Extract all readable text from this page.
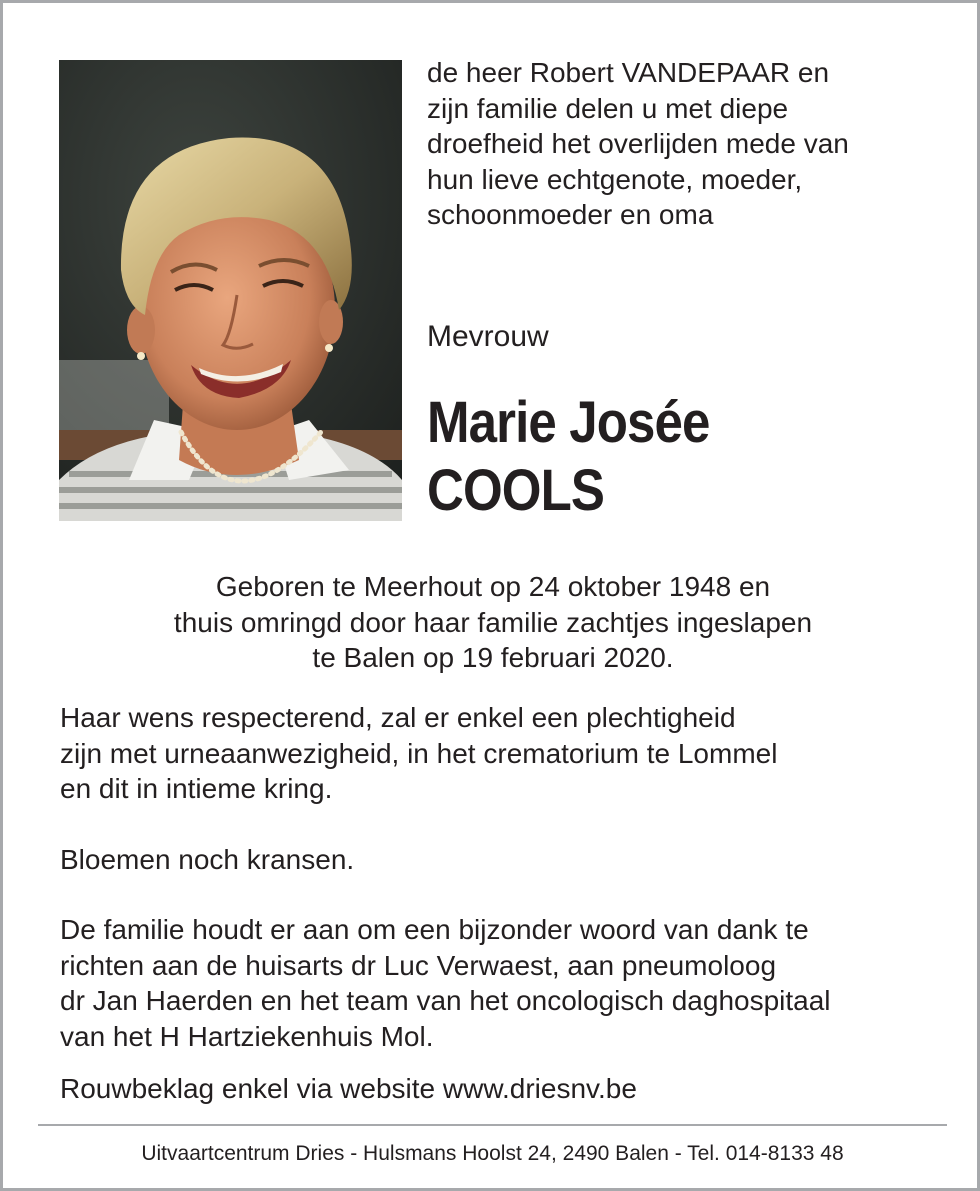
de heer Robert VANDEPAAR en
zijn familie delen u met diepe
droefheid het overlijden mede van
hun lieve echtgenote, moeder,
schoonmoeder en oma

Mevrouw
Marie Josée
COOLS
Geboren te Meerhout op 24 oktober 1948 en
thuis omringd door haar familie zachtjes ingeslapen
te Balen op 19 februari 2020.
Haar wens respecterend, zal er enkel een plechtigheid
zijn met urneaanwezigheid, in het crematorium te Lommel
en dit in intieme kring.
Bloemen noch kransen.
De familie houdt er aan om een bijzonder woord van dank te
richten aan de huisarts dr Luc Verwaest, aan pneumoloog
dr Jan Haerden en het team van het oncologisch daghospitaal
van het H Hartziekenhuis Mol.
Rouwbeklag enkel via website www.driesnv.be
Uitvaartcentrum Dries - Hulsmans Hoolst 24, 2490 Balen - Tel. 014-8133 48
